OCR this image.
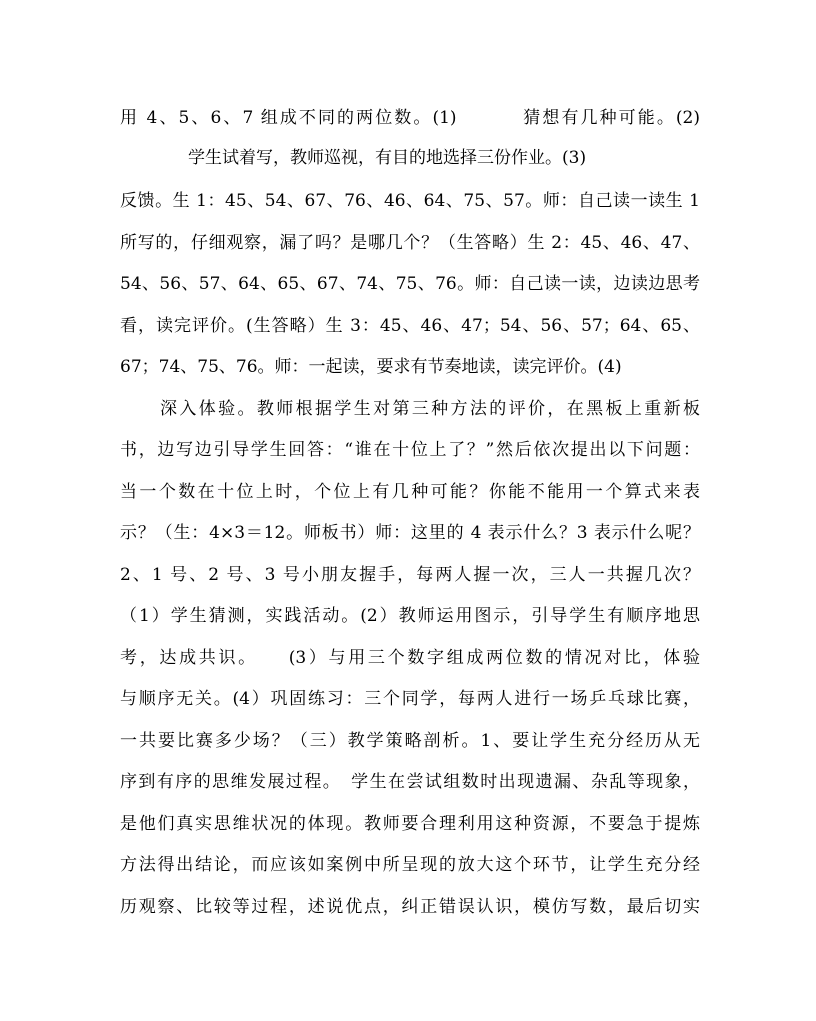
用 4、5、6、7 组成不同的两位数。(1)　　　 猜想有几种可能。(2)
学生试着写，教师巡视，有目的地选择三份作业。(3)
反馈。生 1：45、54、67、76、46、64、75、57。师：自己读一读生 1
所写的，仔细观察，漏了吗？是哪几个？（生答略）生 2：45、46、47、
54、56、57、64、65、67、74、75、76。师：自己读一读，边读边思考
看，读完评价。(生答略）生 3：45、46、47；54、56、57；64、65、
67；74、75、76。师：一起读，要求有节奏地读，读完评价。(4)
深入体验。教师根据学生对第三种方法的评价，在黑板上重新板
书，边写边引导学生回答：“谁在十位上了？”然后依次提出以下问题：
当一个数在十位上时，个位上有几种可能？你能不能用一个算式来表
示？（生：4×3＝12。师板书）师：这里的 4 表示什么？3 表示什么呢？
2、1 号、2 号、3 号小朋友握手，每两人握一次，三人一共握几次？
（1）学生猜测，实践活动。(2）教师运用图示，引导学生有顺序地思
考，达成共识。　　(3）与用三个数字组成两位数的情况对比，体验
与顺序无关。(4）巩固练习：三个同学，每两人进行一场乒乓球比赛，
一共要比赛多少场？（三）教学策略剖析。1、要让学生充分经历从无
序到有序的思维发展过程。　学生在尝试组数时出现遗漏、杂乱等现象，
是他们真实思维状况的体现。教师要合理利用这种资源，不要急于提炼
方法得出结论，而应该如案例中所呈现的放大这个环节，让学生充分经
历观察、比较等过程，述说优点，纠正错误认识，模仿写数，最后切实
